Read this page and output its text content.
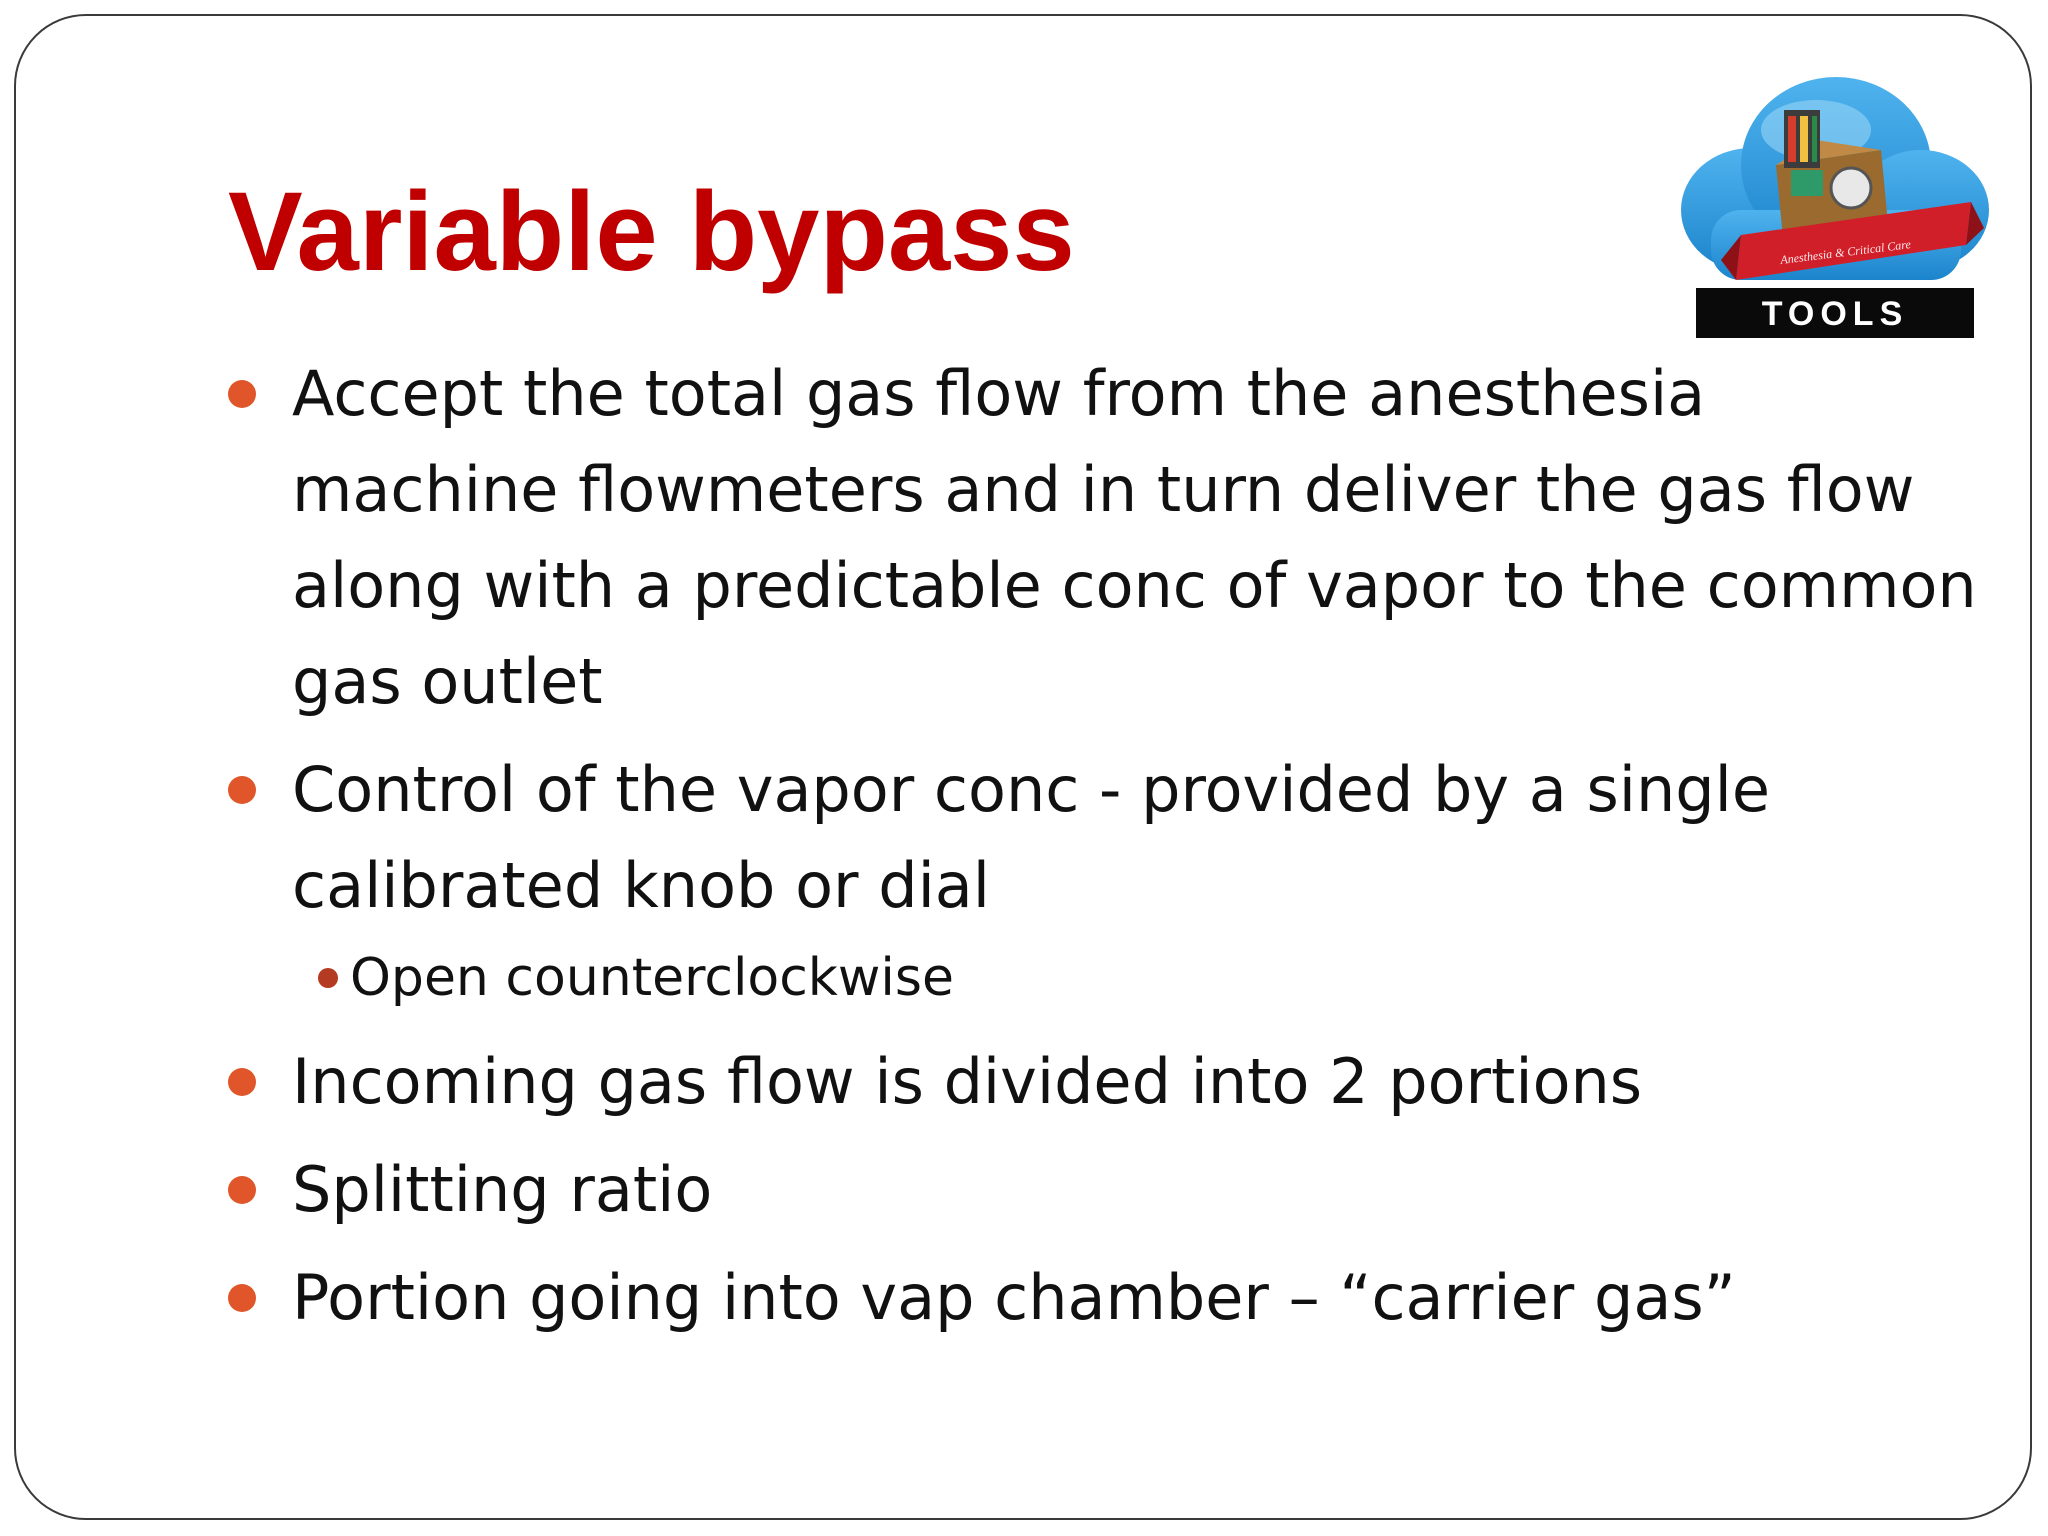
Variable bypass	Anesthesia & Critical Care
TOOLS
Accept the total gas flow from the anesthesia machine flowmeters and in turn deliver the gas flow along with a predictable conc of vapor to the common gas outlet
Control of the vapor conc - provided by a single calibrated knob or dial
Open counterclockwise
Incoming gas flow is divided into 2 portions
Splitting ratio
Portion going into vap chamber – “carrier gas”
